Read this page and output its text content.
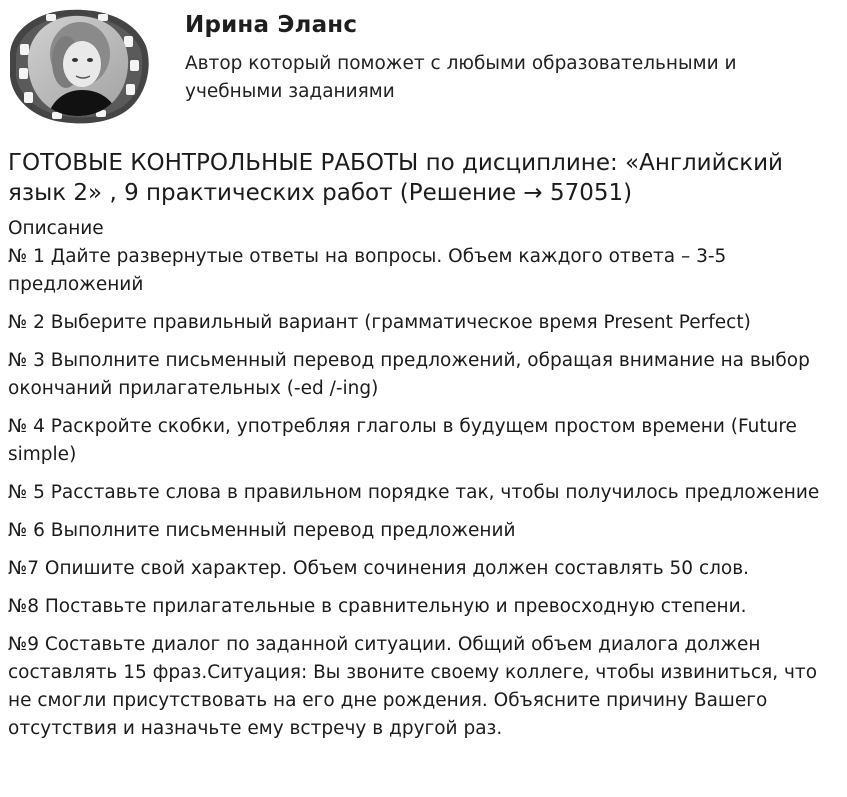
Ирина Эланс
Автор который поможет с любыми образовательными и учебными заданиями
ГОТОВЫЕ КОНТРОЛЬНЫЕ РАБОТЫ по дисциплине: «Английский язык 2» , 9 практических работ (Решение → 57051)

Описание

№ 1 Дайте развернутые ответы на вопросы. Объем каждого ответа – 3-5 предложений

№ 2 Выберите правильный вариант (грамматическое время Present Perfect)

№ 3 Выполните письменный перевод предложений, обращая внимание на выбор окончаний прилагательных (-ed /-ing)

№ 4 Раскройте скобки, употребляя глаголы в будущем простом времени (Future simple)

№ 5 Расставьте слова в правильном порядке так, чтобы получилось предложение

№ 6 Выполните письменный перевод предложений

№7 Опишите свой характер. Объем сочинения должен составлять 50 слов.

№8 Поставьте прилагательные в сравнительную и превосходную степени.

№9 Составьте диалог по заданной ситуации. Общий объем диалога должен составлять 15 фраз.Ситуация: Вы звоните своему коллеге, чтобы извиниться, что не смогли присутствовать на его дне рождения. Объясните причину Вашего отсутствия и назначьте ему встречу в другой раз.
